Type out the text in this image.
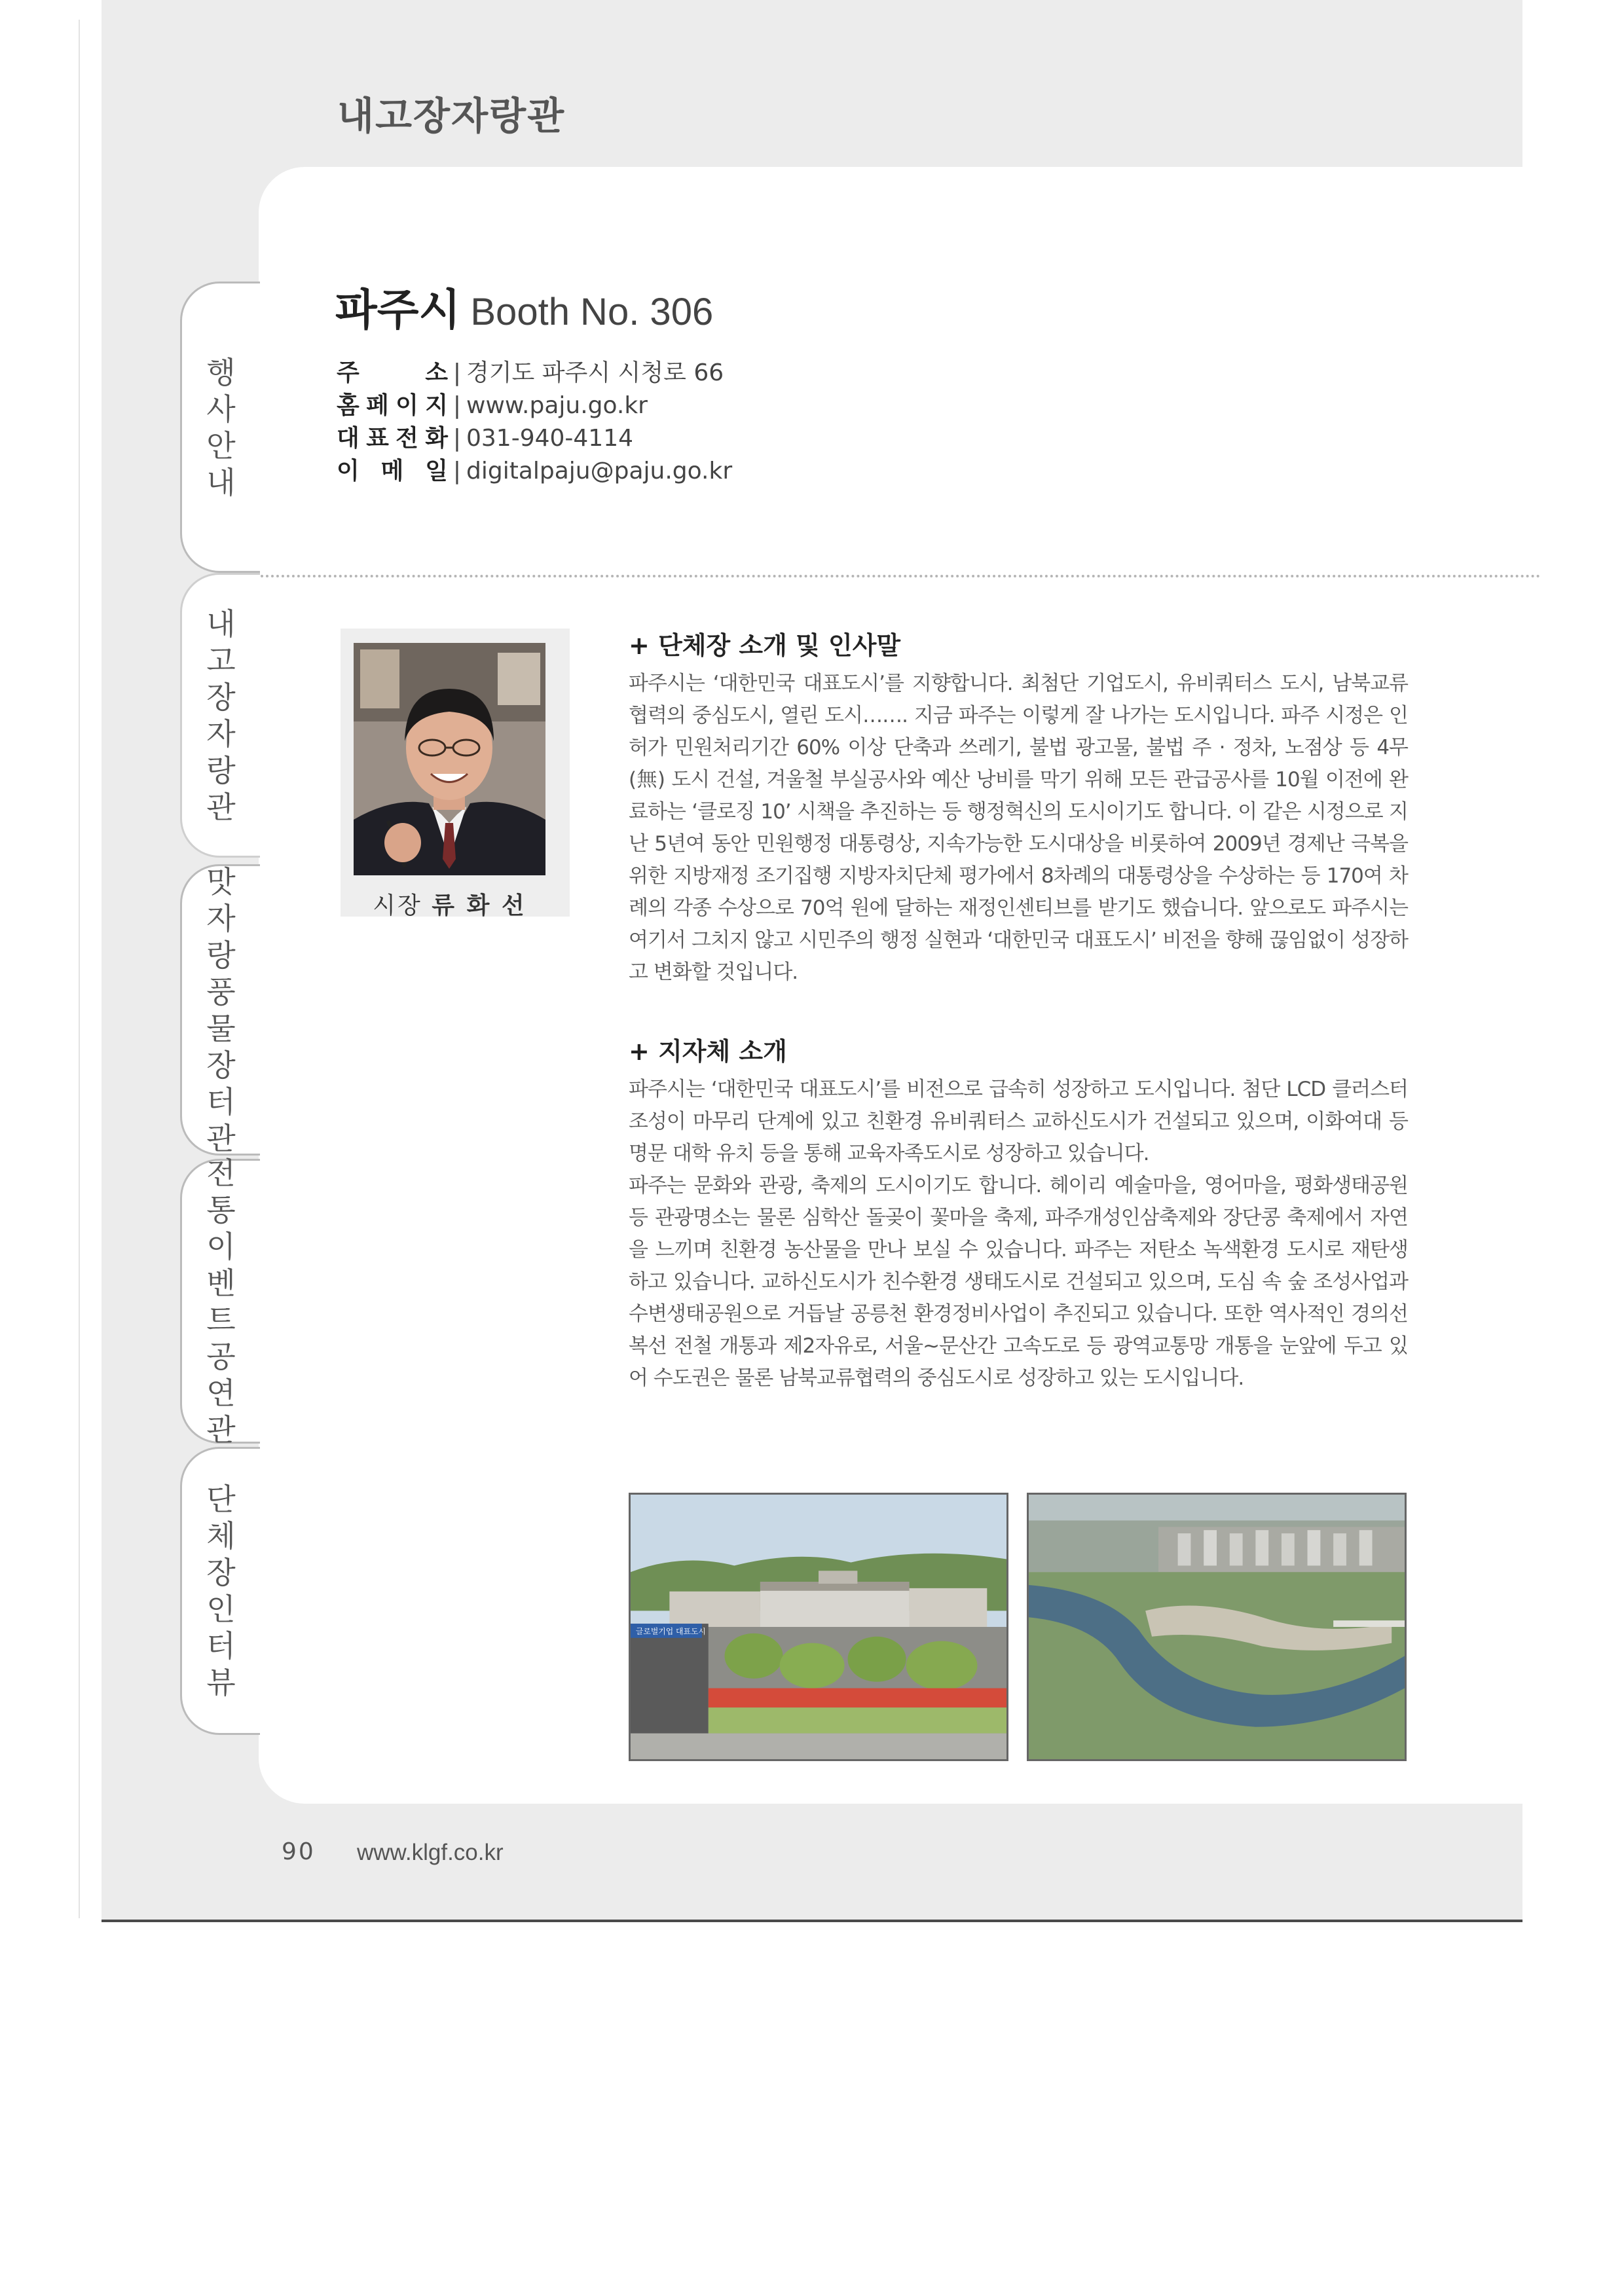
내고장자랑관
행사안내
내고장자랑관
맛자랑풍물장터관
전통이벤트공연관
단체장인터뷰
파주시 Booth No. 306
주	소 | 경기도 파주시 시청로 66
홈 페 이 지 | www.paju.go.kr
대 표 전 화 | 031-940-4114
이 메 일 | digitalpaju@paju.go.kr
시장 류 화 선
+ 단체장 소개 및 인사말

파주시는 ‘대한민국 대표도시’를 지향합니다. 최첨단 기업도시, 유비쿼터스 도시, 남북교류 협력의 중심도시, 열린 도시……. 지금 파주는 이렇게 잘 나가는 도시입니다. 파주 시정은 인허가 민원처리기간 60% 이상 단축과 쓰레기, 불법 광고물, 불법 주 · 정차, 노점상 등 4무(無) 도시 건설, 겨울철 부실공사와 예산 낭비를 막기 위해 모든 관급공사를 10월 이전에 완료하는 ‘클로징 10’ 시책을 추진하는 등 행정혁신의 도시이기도 합니다. 이 같은 시정으로 지난 5년여 동안 민원행정 대통령상, 지속가능한 도시대상을 비롯하여 2009년 경제난 극복을 위한 지방재정 조기집행 지방자치단체 평가에서 8차례의 대통령상을 수상하는 등 170여 차례의 각종 수상으로 70억 원에 달하는 재정인센티브를 받기도 했습니다. 앞으로도 파주시는 여기서 그치지 않고 시민주의 행정 실현과 ‘대한민국 대표도시’ 비전을 향해 끊임없이 성장하고 변화할 것입니다.

+ 지자체 소개

파주시는 ‘대한민국 대표도시’를 비전으로 급속히 성장하고 도시입니다. 첨단 LCD 클러스터 조성이 마무리 단계에 있고 친환경 유비쿼터스 교하신도시가 건설되고 있으며, 이화여대 등 명문 대학 유치 등을 통해 교육자족도시로 성장하고 있습니다.

파주는 문화와 관광, 축제의 도시이기도 합니다. 헤이리 예술마을, 영어마을, 평화생태공원 등 관광명소는 물론 심학산 돌곶이 꽃마을 축제, 파주개성인삼축제와 장단콩 축제에서 자연을 느끼며 친환경 농산물을 만나 보실 수 있습니다. 파주는 저탄소 녹색환경 도시로 재탄생 하고 있습니다. 교하신도시가 친수환경 생태도시로 건설되고 있으며, 도심 속 숲 조성사업과 수변생태공원으로 거듭날 공릉천 환경정비사업이 추진되고 있습니다. 또한 역사적인 경의선 복선 전철 개통과 제2자유로, 서울~문산간 고속도로 등 광역교통망 개통을 눈앞에 두고 있어 수도권은 물론 남북교류협력의 중심도시로 성장하고 있는 도시입니다.

글로벌기업 대표도시
90 www.klgf.co.kr
